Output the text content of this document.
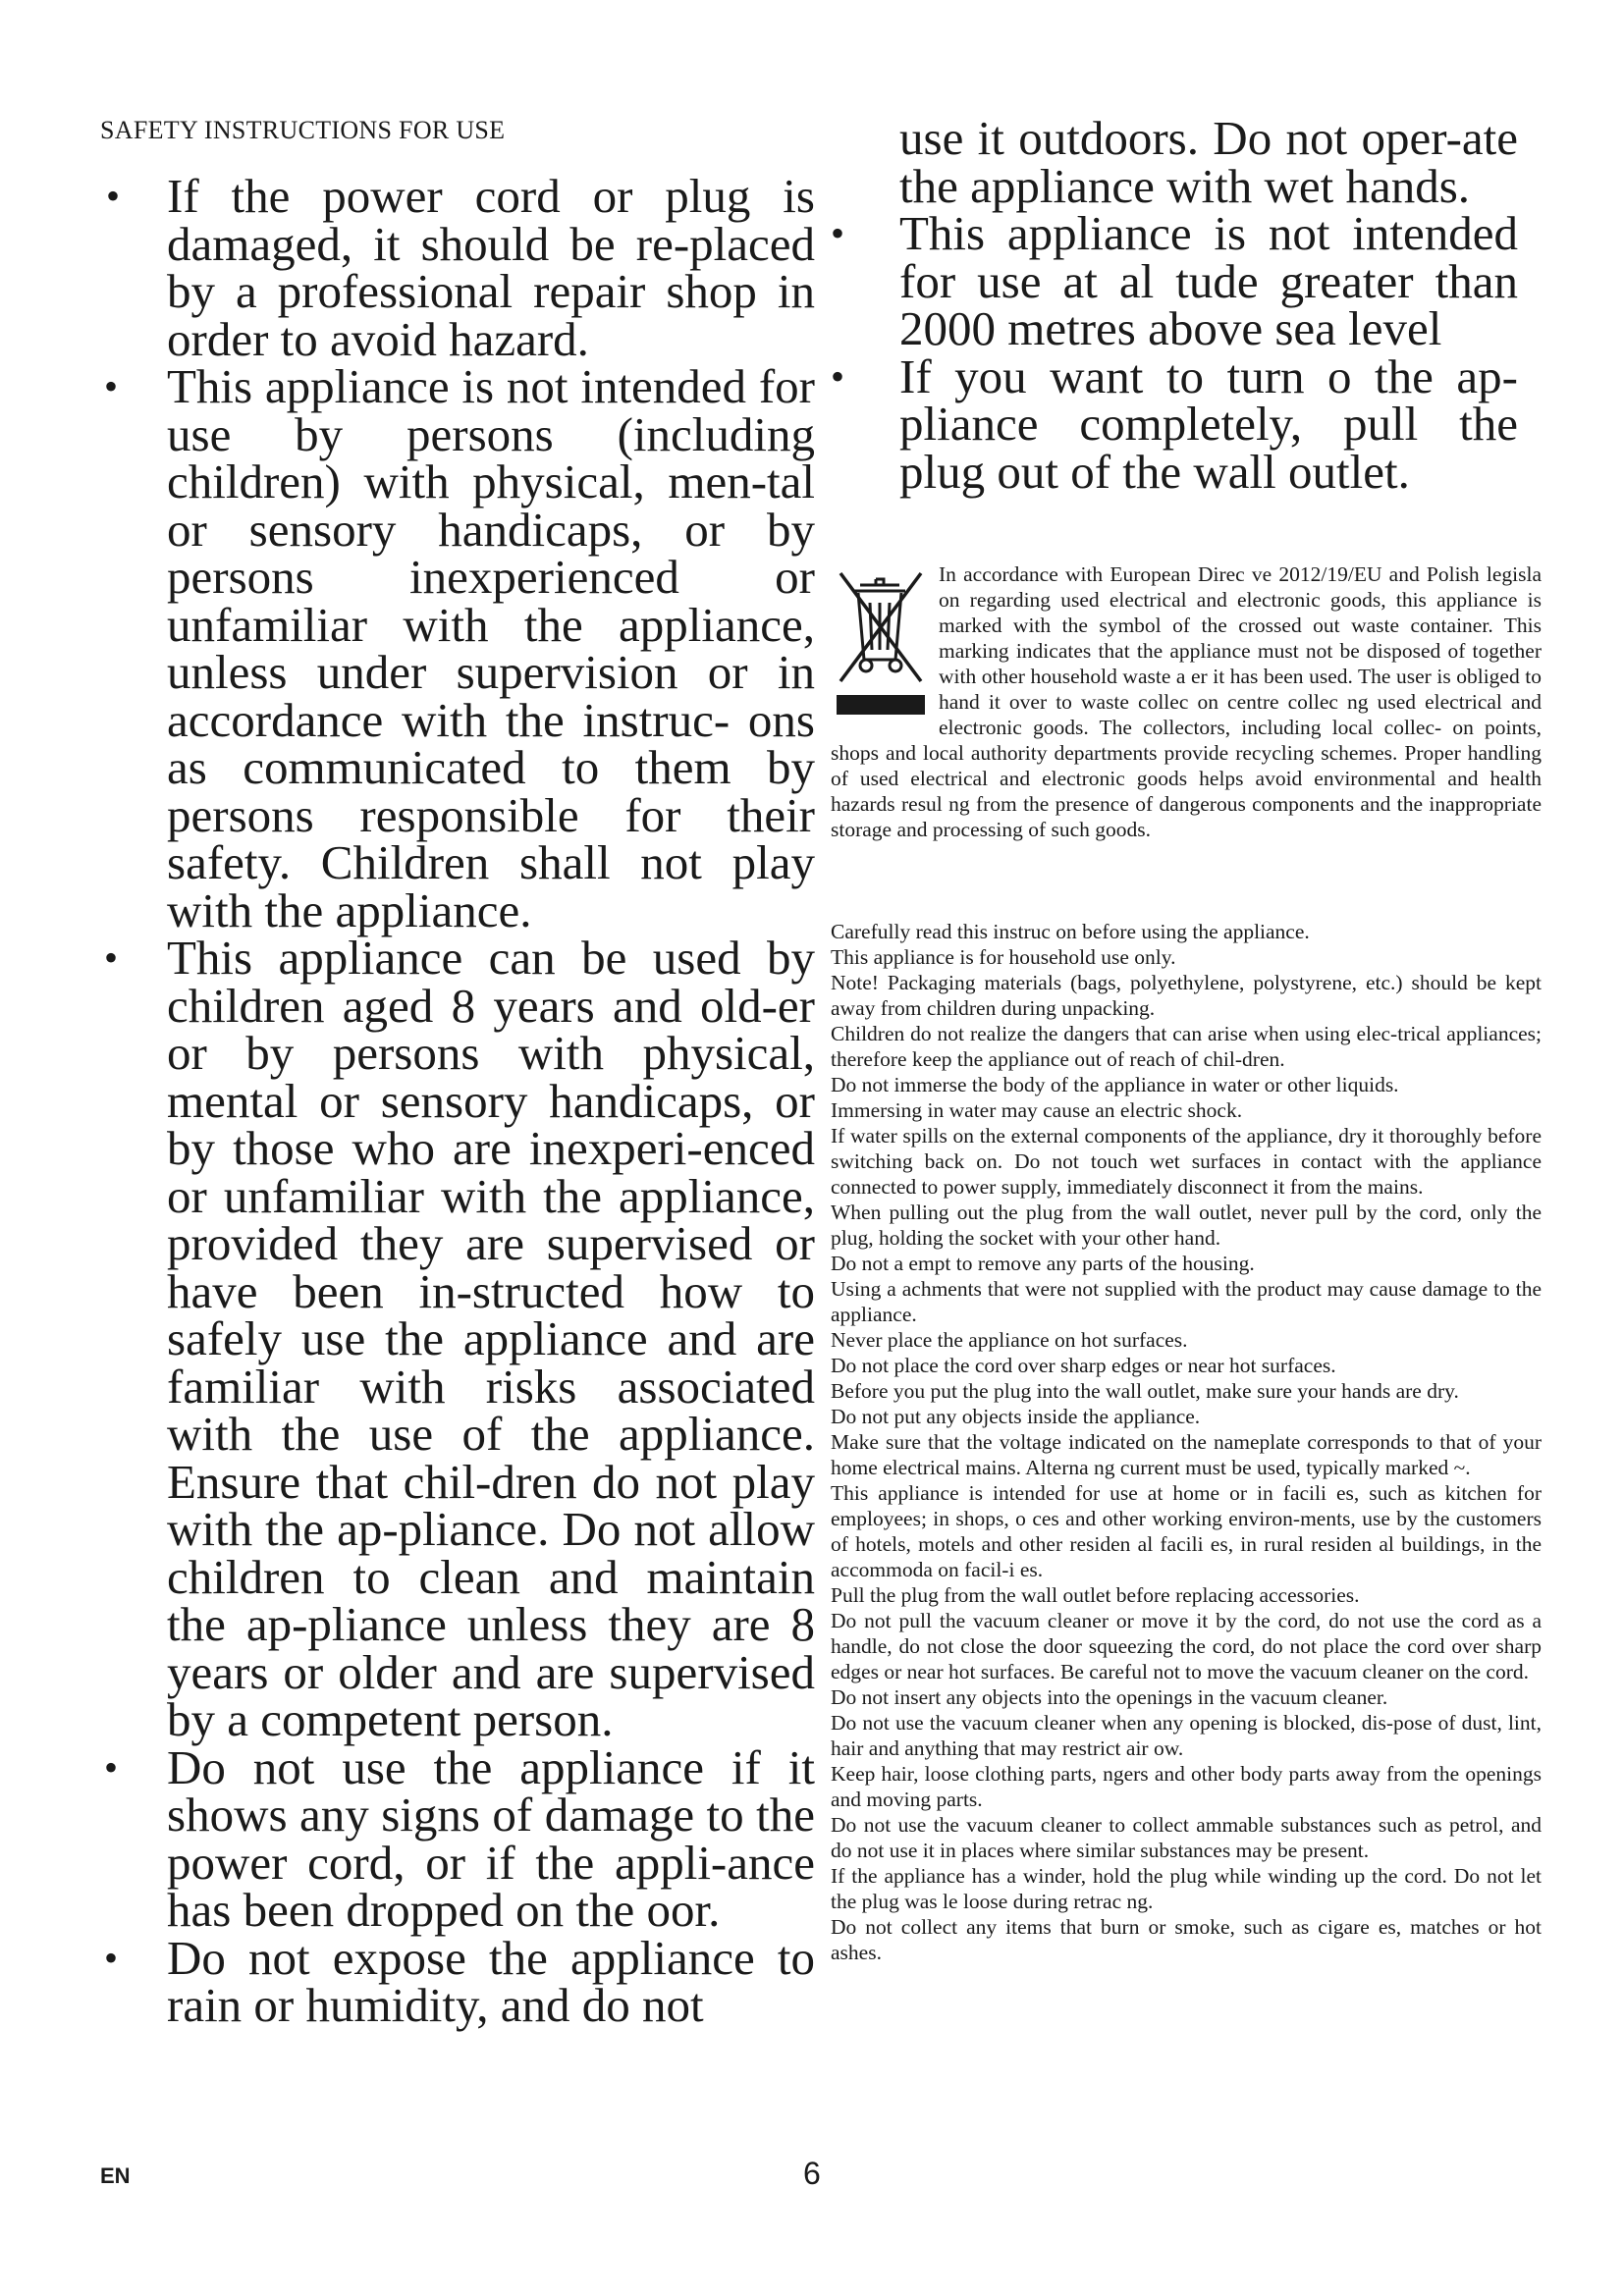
SAFETY INSTRUCTIONS FOR USE

• If the power cord or plug is damaged, it should be re-placed by a professional repair shop in order to avoid hazard.

• This appliance is not intended for use by persons (including children) with physical, men-tal or sensory handicaps, or by persons inexperienced or unfamiliar with the appliance, unless under supervision or in accordance with the instruc- ons as communicated to them by persons responsible for their safety. Children shall not play with the appliance.

• This appliance can be used by children aged 8 years and old-er or by persons with physical, mental or sensory handicaps, or by those who are inexperi-enced or unfamiliar with the appliance, provided they are supervised or have been in-structed how to safely use the appliance and are familiar with risks associated with the use of the appliance. Ensure that chil-dren do not play with the ap-pliance. Do not allow children to clean and maintain the ap-pliance unless they are 8 years or older and are supervised by a competent person.

• Do not use the appliance if it shows any signs of damage to the power cord, or if the appli-ance has been dropped on the oor.

• Do not expose the appliance to rain or humidity, and do not

use it outdoors. Do not oper-ate the appliance with wet hands.

• This appliance is not intended for use at al tude greater than 2000 metres above sea level

• If you want to turn o the ap-pliance completely, pull the plug out of the wall outlet.

In accordance with European Direc ve 2012/19/EU and Polish legisla on regarding used electrical and electronic goods, this appliance is marked with the symbol of the crossed out waste container. This marking indicates that the appliance must not be disposed of together with other household waste a er it has been used. The user is obliged to hand it over to waste collec on centre collec ng used electrical and electronic goods. The collectors, including local collec- on points, shops and local authority departments provide recycling schemes. Proper handling of used electrical and electronic goods helps avoid environmental and health hazards resul ng from the presence of dangerous components and the inappropriate storage and processing of such goods.

Carefully read this instruc on before using the appliance.

This appliance is for household use only.

Note! Packaging materials (bags, polyethylene, polystyrene, etc.) should be kept away from children during unpacking.

Children do not realize the dangers that can arise when using elec-trical appliances; therefore keep the appliance out of reach of chil-dren.

Do not immerse the body of the appliance in water or other liquids.

Immersing in water may cause an electric shock.

If water spills on the external components of the appliance, dry it thoroughly before switching back on. Do not touch wet surfaces in contact with the appliance connected to power supply, immediately disconnect it from the mains.

When pulling out the plug from the wall outlet, never pull by the cord, only the plug, holding the socket with your other hand.

Do not a empt to remove any parts of the housing.

Using a achments that were not supplied with the product may cause damage to the appliance.

Never place the appliance on hot surfaces.

Do not place the cord over sharp edges or near hot surfaces.

Before you put the plug into the wall outlet, make sure your hands are dry.

Do not put any objects inside the appliance.

Make sure that the voltage indicated on the nameplate corresponds to that of your home electrical mains. Alterna ng current must be used, typically marked ~.

This appliance is intended for use at home or in facili es, such as kitchen for employees; in shops, o ces and other working environ-ments, use by the customers of hotels, motels and other residen al facili es, in rural residen al buildings, in the accommoda on facil-i es.

Pull the plug from the wall outlet before replacing accessories.

Do not pull the vacuum cleaner or move it by the cord, do not use the cord as a handle, do not close the door squeezing the cord, do not place the cord over sharp edges or near hot surfaces. Be careful not to move the vacuum cleaner on the cord.

Do not insert any objects into the openings in the vacuum cleaner.

Do not use the vacuum cleaner when any opening is blocked, dis-pose of dust, lint, hair and anything that may restrict air ow.

Keep hair, loose clothing parts, ngers and other body parts away from the openings and moving parts.

Do not use the vacuum cleaner to collect ammable substances such as petrol, and do not use it in places where similar substances may be present.

If the appliance has a winder, hold the plug while winding up the cord. Do not let the plug was le loose during retrac ng.

Do not collect any items that burn or smoke, such as cigare es, matches or hot ashes.

EN	6
